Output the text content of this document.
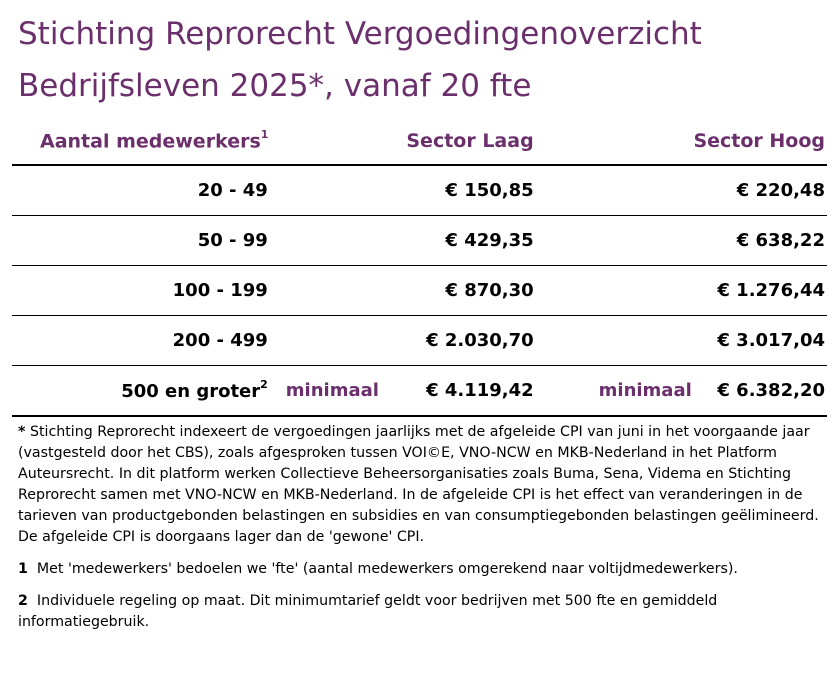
Stichting Reprorecht Vergoedingenoverzicht
Bedrijfsleven 2025*, vanaf 20 fte
Aantal medewerkers$^1$	Sector Laag		Sector Hoog	
20 - 49		€ 150,85		€ 220,48
50 - 99		€ 429,35		€ 638,22
100 - 199		€ 870,30		€ 1.276,44
200 - 499		€ 2.030,70		€ 3.017,04
500 en groter$^2$	minimaal	€ 4.119,42	minimaal	€ 6.382,20

* Stichting Reprorecht indexeert de vergoedingen jaarlijks met de afgeleide CPI van juni in het voorgaande jaar (vastgesteld door het CBS), zoals afgesproken tussen VOI©E, VNO-NCW en MKB-Nederland in het Platform Auteursrecht. In dit platform werken Collectieve Beheersorganisaties zoals Buma, Sena, Videma en Stichting Reprorecht samen met VNO-NCW en MKB-Nederland. In de afgeleide CPI is het effect van veranderingen in de tarieven van productgebonden belastingen en subsidies en van consumptiegebonden belastingen geëlimineerd. De afgeleide CPI is doorgaans lager dan de 'gewone' CPI.

1 Met 'medewerkers' bedoelen we 'fte' (aantal medewerkers omgerekend naar voltijdmedewerkers).

2 Individuele regeling op maat. Dit minimumtarief geldt voor bedrijven met 500 fte en gemiddeld informatiegebruik.
